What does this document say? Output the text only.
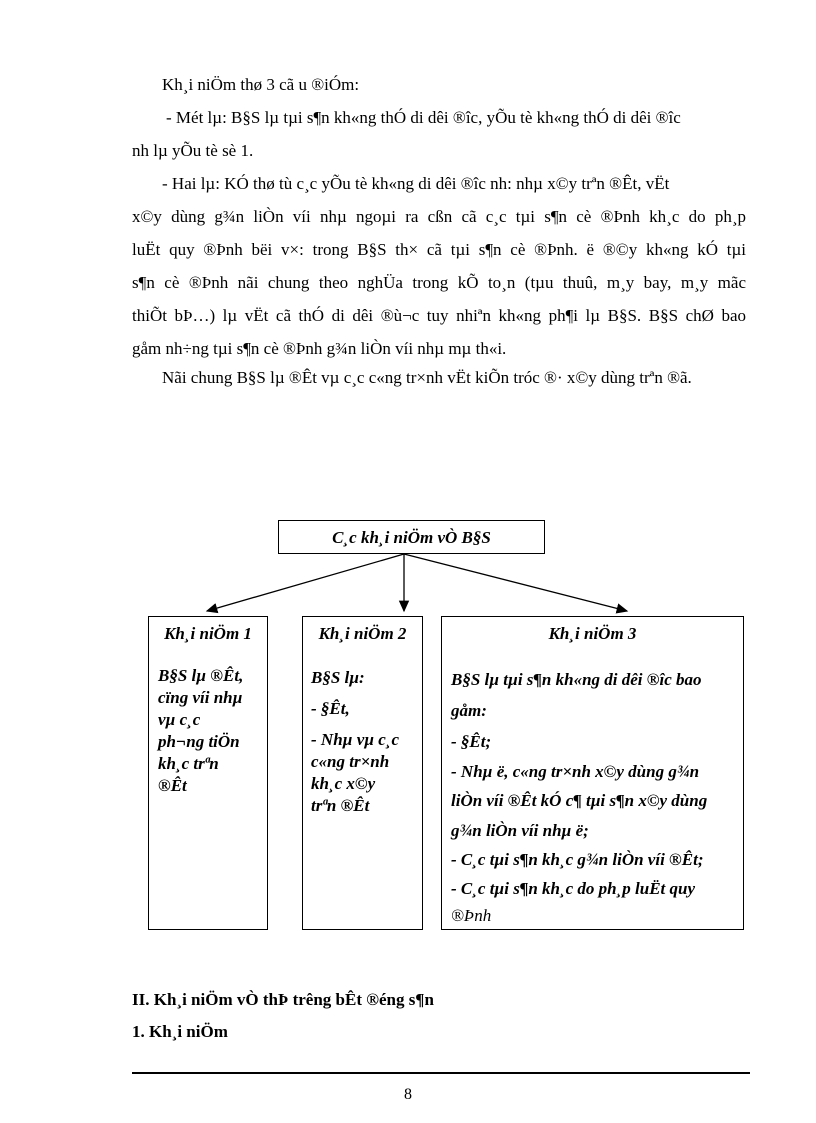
Kh¸i niÖm thø 3 cã u ®iÓm:
- Mét lµ: B§S lµ tµi s¶n kh«ng thÓ di dêi ®îc, yÕu tè kh«ng thÓ di dêi ®îc
nh lµ yÕu tè sè 1.
- Hai lµ: KÓ thø tù c¸c yÕu tè kh«ng di dêi ®îc nh: nhµ x©y trªn ®Êt, vËt
x©y dùng g¾n liÒn víi nhµ ngoµi ra cßn cã c¸c tµi s¶n cè ®Þnh kh¸c do ph¸p
luËt quy ®Þnh bëi v×: trong B§S th× cã tµi s¶n cè ®Þnh. ë ®©y kh«ng kÓ tµi
s¶n cè ®Þnh nãi chung theo nghÜa trong kÕ to¸n (tµu thuû, m¸y bay, m¸y mãc
thiÕt bÞ…) lµ vËt cã thÓ di dêi ®ù¬c tuy nhiªn kh«ng ph¶i lµ B§S. B§S chØ bao
gåm nh÷ng tµi s¶n cè ®Þnh g¾n liÒn víi nhµ mµ th«i.
Nãi chung B§S lµ ®Êt vµ c¸c c«ng tr×nh vËt kiÕn tróc ®· x©y dùng trªn ®ã.
C¸c kh¸i niÖm vÒ B§S
Kh¸i niÖm 1

B§S lµ ®Êt,

cïng víi nhµ

vµ c¸c

ph¬ng tiÖn

kh¸c trªn

®Êt

Kh¸i niÖm 2

B§S lµ:

- §Êt,

- Nhµ vµ c¸c

c«ng tr×nh

kh¸c x©y

trªn ®Êt

Kh¸i niÖm 3

B§S lµ tµi s¶n kh«ng di dêi ®îc bao

gåm:

- §Êt;

- Nhµ ë, c«ng tr×nh x©y dùng g¾n

liÒn víi ®Êt kÓ c¶ tµi s¶n x©y dùng

g¾n liÒn víi nhµ ë;

- C¸c tµi s¶n kh¸c g¾n liÒn víi ®Êt;

- C¸c tµi s¶n kh¸c do ph¸p luËt quy

®Þnh

II. Kh¸i niÖm vÒ thÞ trêng bÊt ®éng s¶n
1. Kh¸i niÖm
8
